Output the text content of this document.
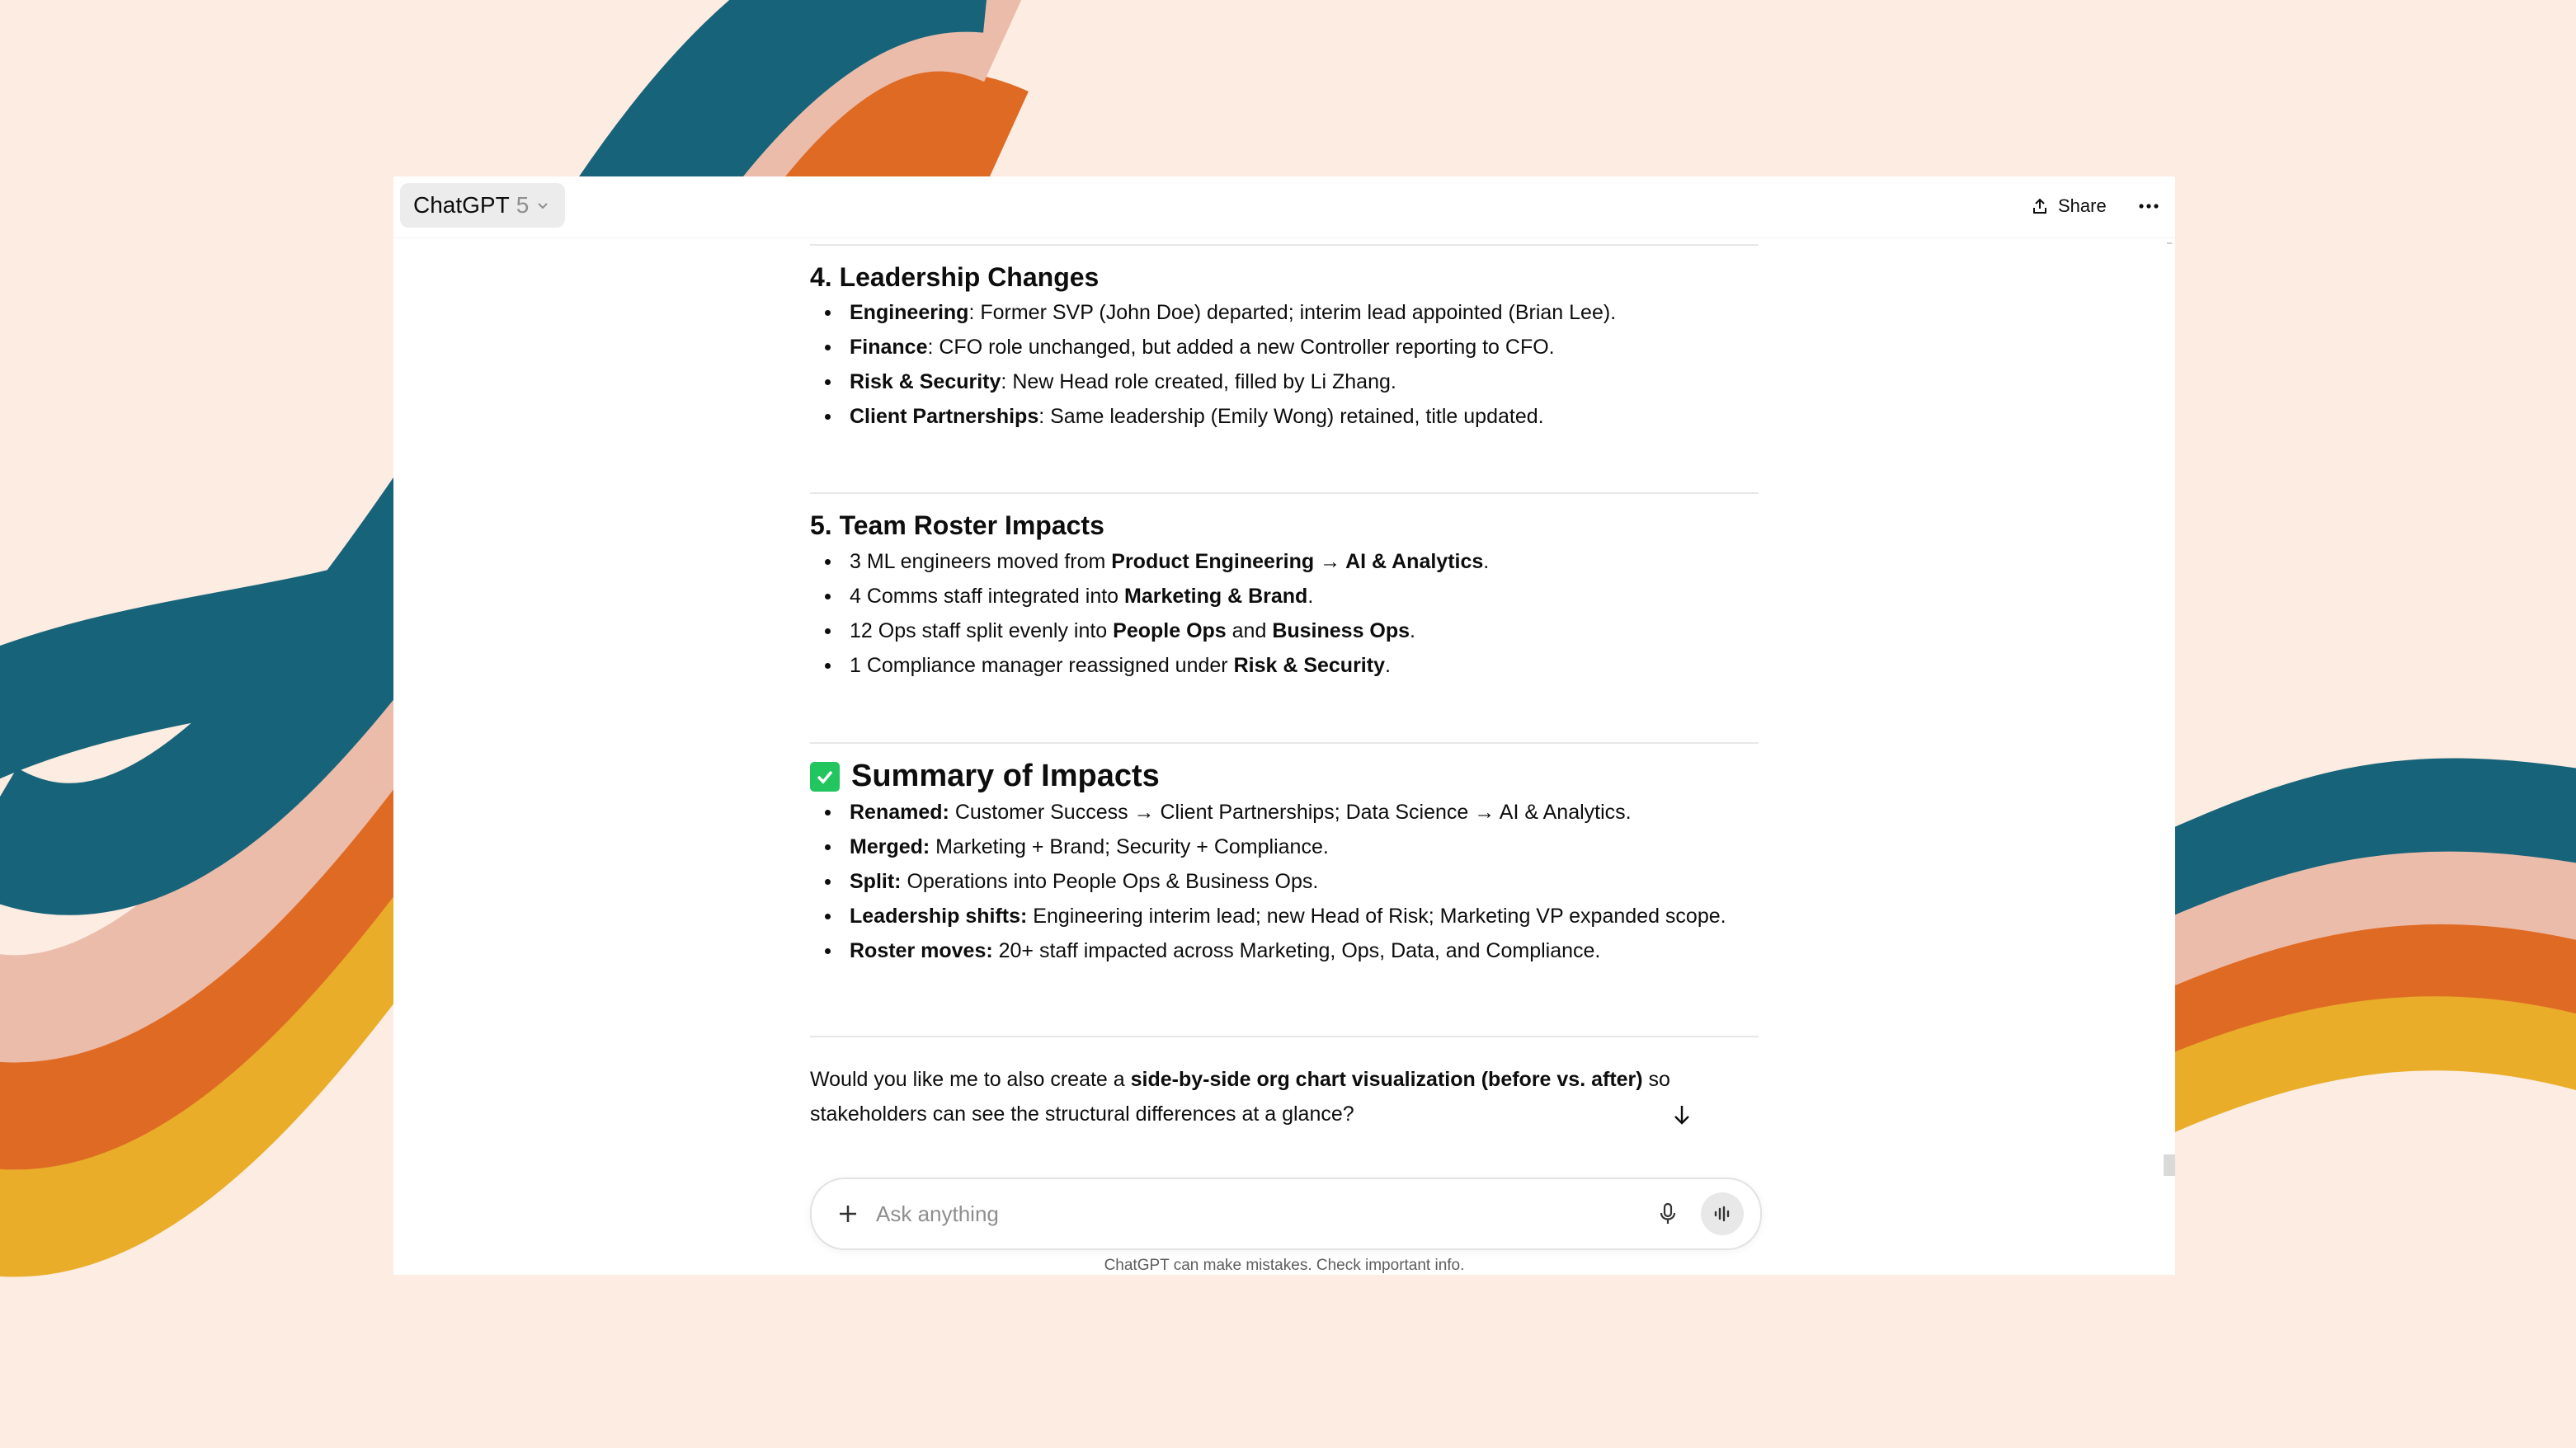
ChatGPT 5	Share
4. Leadership Changes
Engineering: Former SVP (John Doe) departed; interim lead appointed (Brian Lee).
Finance: CFO role unchanged, but added a new Controller reporting to CFO.
Risk & Security: New Head role created, filled by Li Zhang.
Client Partnerships: Same leadership (Emily Wong) retained, title updated.
5. Team Roster Impacts
3 ML engineers moved from Product Engineering → AI & Analytics.
4 Comms staff integrated into Marketing & Brand.
12 Ops staff split evenly into People Ops and Business Ops.
1 Compliance manager reassigned under Risk & Security.
Summary of Impacts
Renamed: Customer Success → Client Partnerships; Data Science → AI & Analytics.
Merged: Marketing + Brand; Security + Compliance.
Split: Operations into People Ops & Business Ops.
Leadership shifts: Engineering interim lead; new Head of Risk; Marketing VP expanded scope.
Roster moves: 20+ staff impacted across Marketing, Ops, Data, and Compliance.
Would you like me to also create a side-by-side org chart visualization (before vs. after) so stakeholders can see the structural differences at a glance?
Ask anything
ChatGPT can make mistakes. Check important info.
